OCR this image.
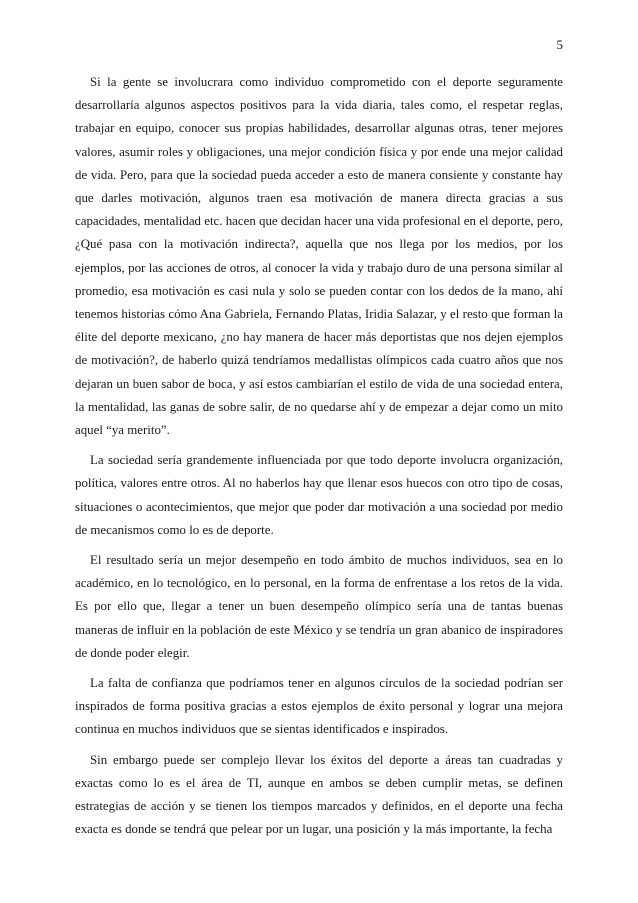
5

Si la gente se involucrara como individuo comprometido con el deporte seguramente desarrollaría algunos aspectos positivos para la vida diaria, tales como, el respetar reglas, trabajar en equipo, conocer sus propias habilidades, desarrollar algunas otras, tener mejores valores, asumir roles y obligaciones, una mejor condición física y por ende una mejor calidad de vida. Pero, para que la sociedad pueda acceder a esto de manera consiente y constante hay que darles motivación, algunos traen esa motivación de manera directa gracias a sus capacidades, mentalidad etc. hacen que decidan hacer una vida profesional en el deporte, pero, ¿Qué pasa con la motivación indirecta?, aquella que nos llega por los medios, por los ejemplos, por las acciones de otros, al conocer la vida y trabajo duro de una persona similar al promedio, esa motivación es casi nula y solo se pueden contar con los dedos de la mano, ahí tenemos historias cómo Ana Gabriela, Fernando Platas, Iridia Salazar, y el resto que forman la élite del deporte mexicano, ¿no hay manera de hacer más deportistas que nos dejen ejemplos de motivación?, de haberlo quizá tendríamos medallistas olímpicos cada cuatro años que nos dejaran un buen sabor de boca, y así estos cambiarían el estilo de vida de una sociedad entera, la mentalidad, las ganas de sobre salir, de no quedarse ahí y de empezar a dejar como un mito aquel “ya merito”.

La sociedad sería grandemente influenciada por que todo deporte involucra organización, política, valores entre otros. Al no haberlos hay que llenar esos huecos con otro tipo de cosas, situaciones o acontecimientos, que mejor que poder dar motivación a una sociedad por medio de mecanismos como lo es de deporte.

El resultado sería un mejor desempeño en todo ámbito de muchos individuos, sea en lo académico, en lo tecnológico, en lo personal, en la forma de enfrentase a los retos de la vida. Es por ello que, llegar a tener un buen desempeño olímpico sería una de tantas buenas maneras de influir en la población de este México y se tendría un gran abanico de inspiradores de donde poder elegir.

La falta de confianza que podríamos tener en algunos círculos de la sociedad podrían ser inspirados de forma positiva gracias a estos ejemplos de éxito personal y lograr una mejora continua en muchos individuos que se sientas identificados e inspirados.

Sin embargo puede ser complejo llevar los éxitos del deporte a áreas tan cuadradas y exactas como lo es el área de TI, aunque en ambos se deben cumplir metas, se definen estrategias de acción y se tienen los tiempos marcados y definidos, en el deporte una fecha exacta es donde se tendrá que pelear por un lugar, una posición y la más importante, la fecha
